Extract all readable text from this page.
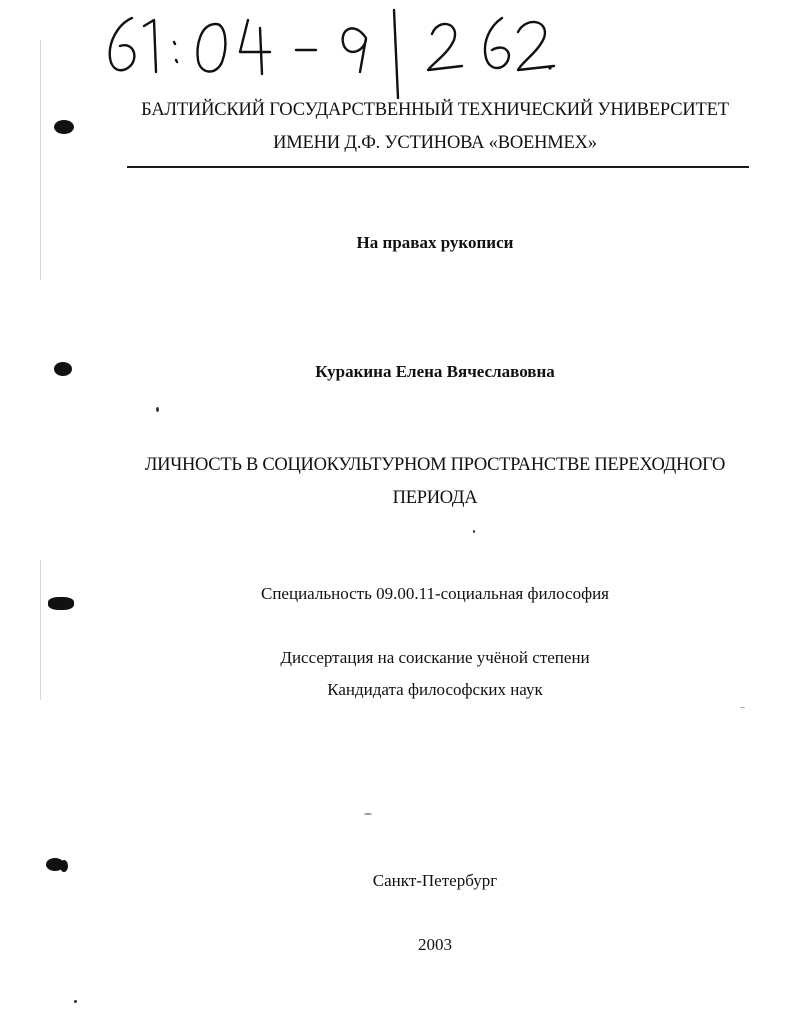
БАЛТИЙСКИЙ ГОСУДАРСТВЕННЫЙ ТЕХНИЧЕСКИЙ УНИВЕРСИТЕТ
ИМЕНИ Д.Ф. УСТИНОВА «ВОЕНМЕХ»
На правах рукописи
Куракина Елена Вячеславовна
ЛИЧНОСТЬ В СОЦИОКУЛЬТУРНОМ ПРОСТРАНСТВЕ ПЕРЕХОДНОГО
ПЕРИОДА
Специальность 09.00.11-социальная философия
Диссертация на соискание учёной степени
Кандидата философских наук
Санкт-Петербург
2003
